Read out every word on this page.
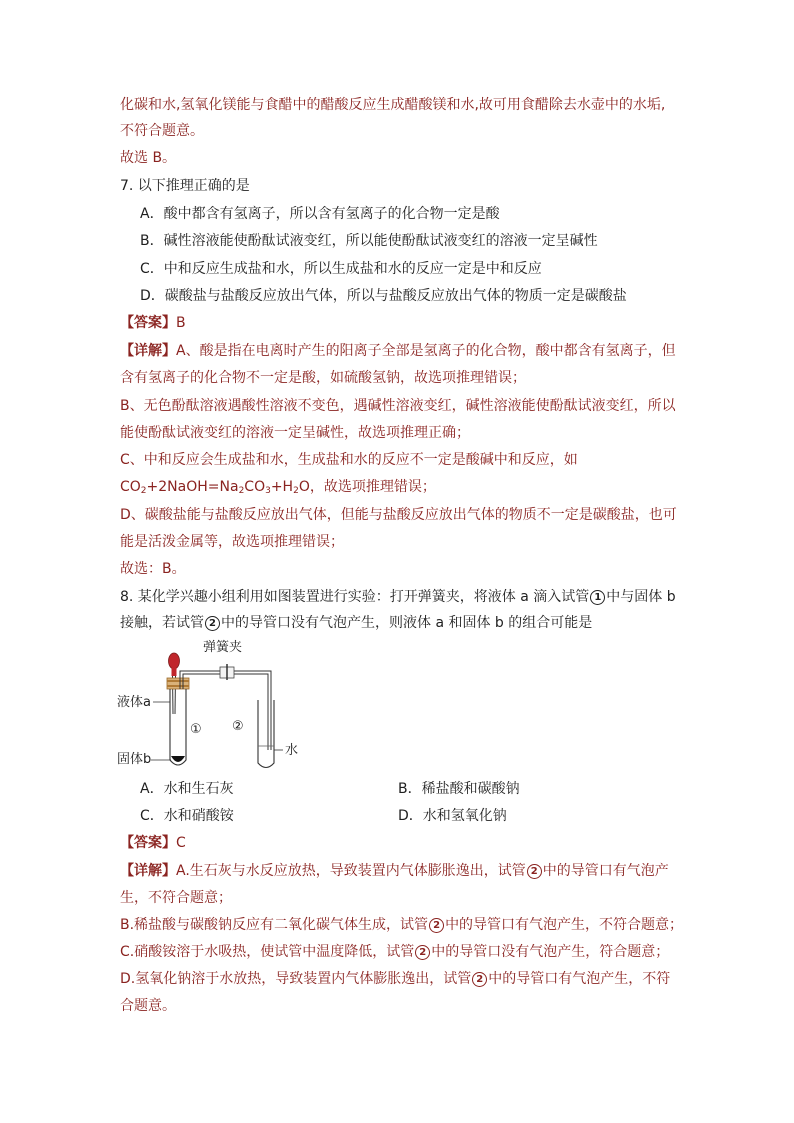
化碳和水,氢氧化镁能与食醋中的醋酸反应生成醋酸镁和水,故可用食醋除去水壶中的水垢,
不符合题意。
故选 B。
7. 以下推理正确的是
A．酸中都含有氢离子，所以含有氢离子的化合物一定是酸
B．碱性溶液能使酚酞试液变红，所以能使酚酞试液变红的溶液一定呈碱性
C．中和反应生成盐和水，所以生成盐和水的反应一定是中和反应
D．碳酸盐与盐酸反应放出气体，所以与盐酸反应放出气体的物质一定是碳酸盐
【答案】B
【详解】A、酸是指在电离时产生的阳离子全部是氢离子的化合物，酸中都含有氢离子，但
含有氢离子的化合物不一定是酸，如硫酸氢钠，故选项推理错误；
B、无色酚酞溶液遇酸性溶液不变色，遇碱性溶液变红，碱性溶液能使酚酞试液变红，所以
能使酚酞试液变红的溶液一定呈碱性，故选项推理正确；
C、中和反应会生成盐和水，生成盐和水的反应不一定是酸碱中和反应，如
$CO_2+2NaOH=Na_2CO_3+H_2O$，故选项推理错误；
D、碳酸盐能与盐酸反应放出气体，但能与盐酸反应放出气体的物质不一定是碳酸盐，也可
能是活泼金属等，故选项推理错误；
故选：B。
8. 某化学兴趣小组利用如图装置进行实验：打开弹簧夹，将液体 a 滴入试管 1 中与固体 b
接触，若试管 2 中的导管口没有气泡产生，则液体 a 和固体 b 的组合可能是
弹簧夹
液体a
① ②
水
固体b
A．水和生石灰	B．稀盐酸和碳酸钠
C．水和硝酸铵	D．水和氢氧化钠
【答案】C
【详解】A.生石灰与水反应放热，导致装置内气体膨胀逸出，试管 2 中的导管口有气泡产
生，不符合题意；
B.稀盐酸与碳酸钠反应有二氧化碳气体生成，试管 2 中的导管口有气泡产生，不符合题意；
C.硝酸铵溶于水吸热，使试管中温度降低，试管 2 中的导管口没有气泡产生，符合题意；
D.氢氧化钠溶于水放热，导致装置内气体膨胀逸出，试管 2 中的导管口有气泡产生，不符
合题意。
